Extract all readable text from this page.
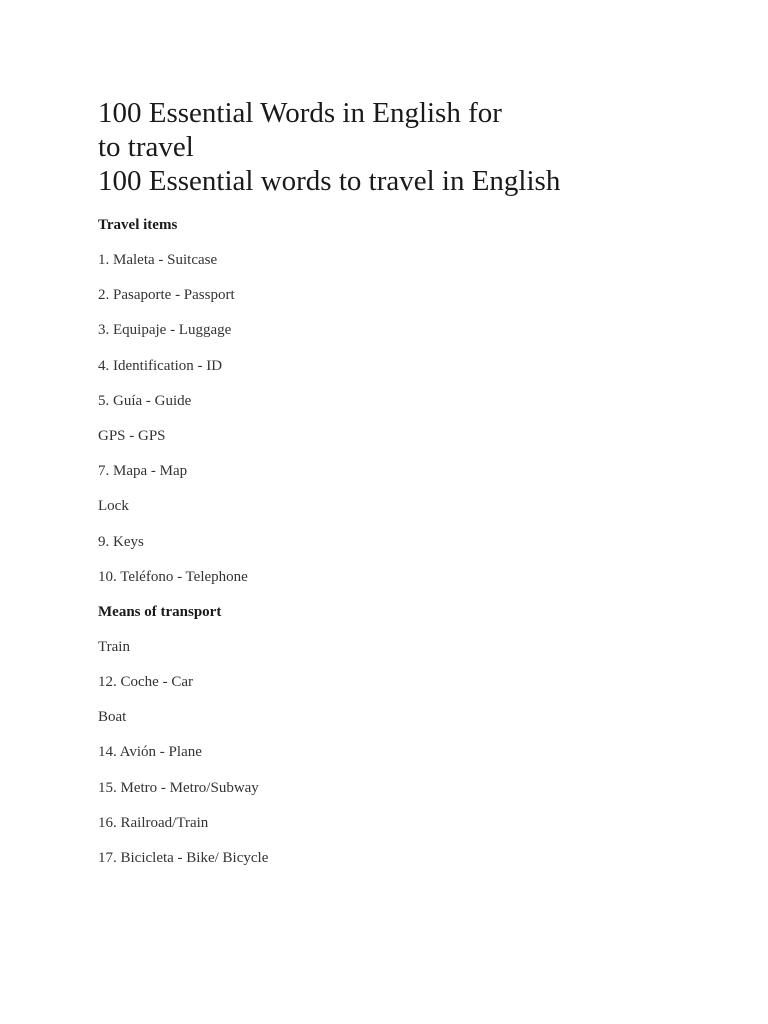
100 Essential Words in English for
to travel
100 Essential words to travel in English

Travel items

1. Maleta - Suitcase

2. Pasaporte - Passport

3. Equipaje - Luggage

4. Identification - ID

5. Guía - Guide

GPS - GPS

7. Mapa - Map

Lock

9. Keys

10. Teléfono - Telephone

Means of transport

Train

12. Coche - Car

Boat

14. Avión - Plane

15. Metro - Metro/Subway

16. Railroad/Train

17. Bicicleta - Bike/ Bicycle
